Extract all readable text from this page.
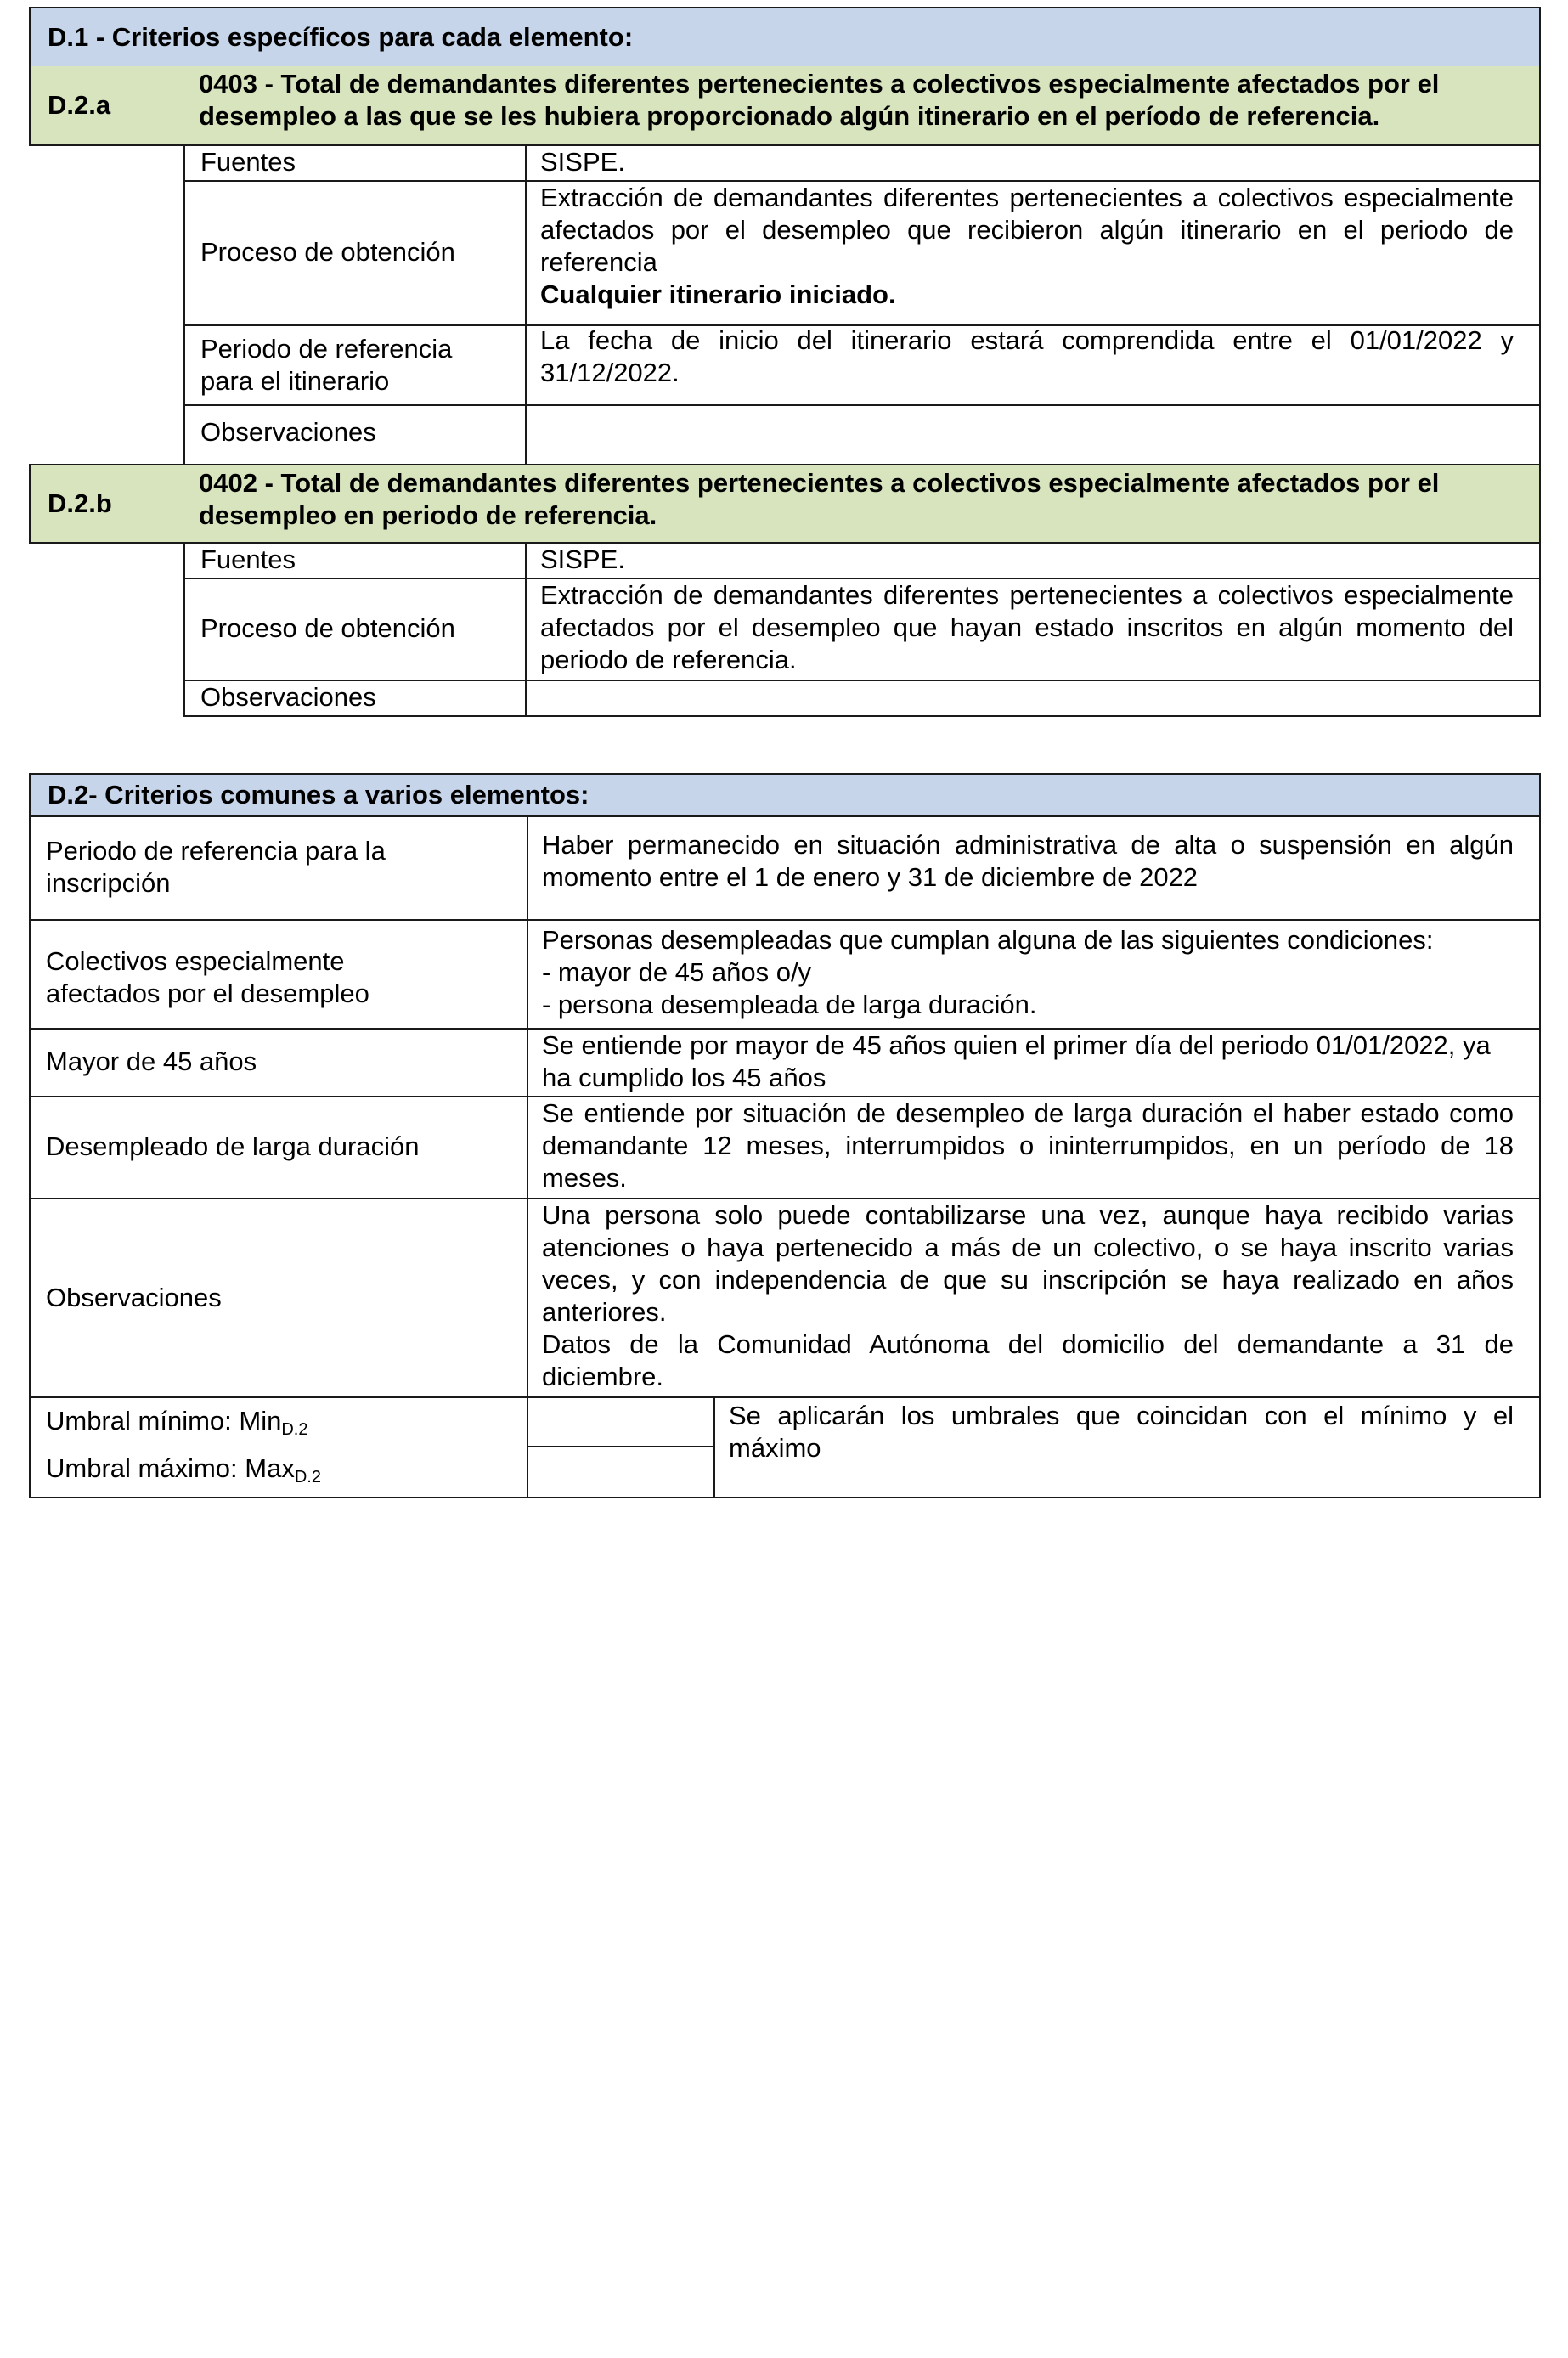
D.1 - Criterios específicos para cada elemento:
D.2.a
0403 - Total de demandantes diferentes pertenecientes a colectivos especialmente afectados por el desempleo a las que se les hubiera proporcionado algún itinerario en el período de referencia.
Fuentes	SISPE.
Proceso de obtención

Extracción de demandantes diferentes pertenecientes a colectivos especialmente afectados por el desempleo que recibieron algún itinerario en el periodo de referencia

Cualquier itinerario iniciado.

Periodo de referencia para el itinerario

La fecha de inicio del itinerario estará comprendida entre el 01/01/2022 y 31/12/2022.

Observaciones
D.2.b
0402 - Total de demandantes diferentes pertenecientes a colectivos especialmente afectados por el desempleo en periodo de referencia.
Fuentes	SISPE.
Proceso de obtención

Extracción de demandantes diferentes pertenecientes a colectivos especialmente afectados por el desempleo que hayan estado inscritos en algún momento del periodo de referencia.

Observaciones
D.2- Criterios comunes a varios elementos:
Periodo de referencia para la inscripción

Haber permanecido en situación administrativa de alta o suspensión en algún momento entre el 1 de enero y 31 de diciembre de 2022

Colectivos especialmente afectados por el desempleo

Personas desempleadas que cumplan alguna de las siguientes condiciones:

- mayor de 45 años o/y

- persona desempleada de larga duración.

Mayor de 45 años

Se entiende por mayor de 45 años quien el primer día del periodo 01/01/2022, ya ha cumplido los 45 años

Desempleado de larga duración

Se entiende por situación de desempleo de larga duración el haber estado como demandante 12 meses, interrumpidos o ininterrumpidos, en un período de 18 meses.

Observaciones

Una persona solo puede contabilizarse una vez, aunque haya recibido varias atenciones o haya pertenecido a más de un colectivo, o se haya inscrito varias veces, y con independencia de que su inscripción se haya realizado en años anteriores.

Datos de la Comunidad Autónoma del domicilio del demandante a 31 de diciembre.

Umbral mínimo: Min$_{D.2}$
Umbral máximo: Max$_{D.2}$

Se aplicarán los umbrales que coincidan con el mínimo y el máximo
